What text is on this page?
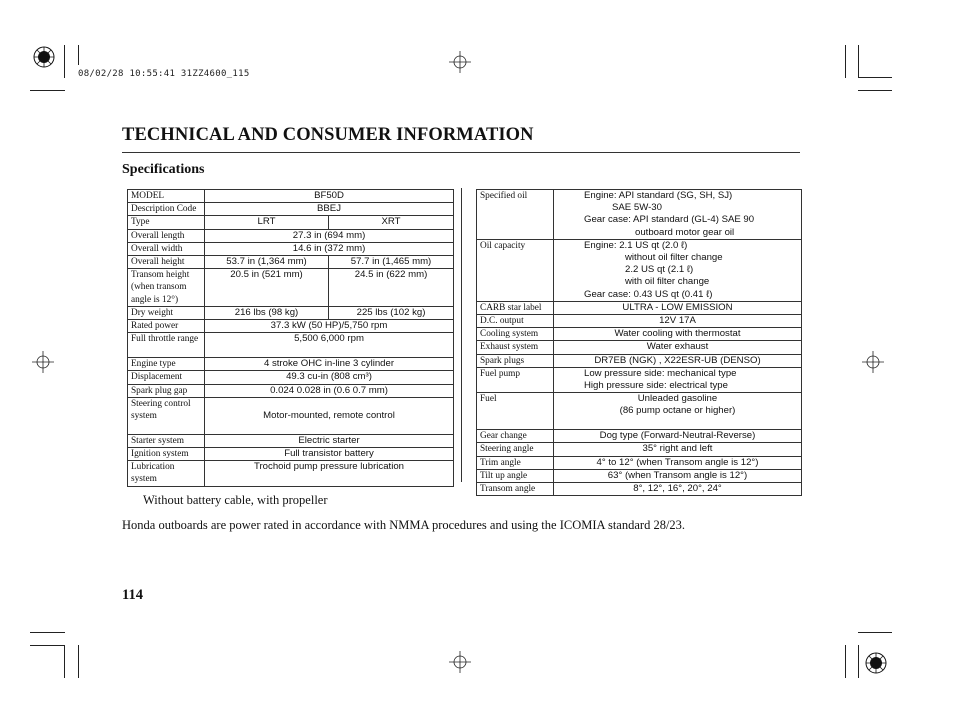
08/02/28 10:55:41 31ZZ4600_115
TECHNICAL AND CONSUMER INFORMATION
Specifications
MODEL	BF50D	
Description Code	BBEJ	
Type	LRT	XRT
Overall length	27.3 in (694 mm)	
Overall width	14.6 in (372 mm)	
Overall height	53.7 in (1,364 mm)	57.7 in (1,465 mm)
Transom height
(when transom angle is 12°)	20.5 in (521 mm)	24.5 in (622 mm)
Dry weight	216 lbs (98 kg)	225 lbs (102 kg)
Rated power	37.3 kW (50 HP)/5,750 rpm	
Full throttle range	5,500 6,000 rpm	
Engine type	4 stroke OHC in-line 3 cylinder	
Displacement	49.3 cu-in (808 cm³)	
Spark plug gap	0.024 0.028 in (0.6 0.7 mm)	
Steering control system	Motor-mounted, remote control	
Starter system	Electric starter	
Ignition system	Full transistor battery	
Lubrication system	Trochoid pump pressure lubrication	
Specified oil	Engine: API standard (SG, SH, SJ)
SAE 5W-30
Gear case: API standard (GL-4) SAE 90
outboard motor gear oil

Oil capacity	Engine: 2.1 US qt (2.0 ℓ)
without oil filter change
2.2 US qt (2.1 ℓ)
with oil filter change
Gear case: 0.43 US qt (0.41 ℓ)

CARB star label	ULTRA - LOW EMISSION
D.C. output	12V 17A
Cooling system	Water cooling with thermostat
Exhaust system	Water exhaust
Spark plugs	DR7EB (NGK) , X22ESR-UB (DENSO)
Fuel pump	Low pressure side: mechanical type
High pressure side: electrical type

Fuel	Unleaded gasoline
(86 pump octane or higher)

Gear change	Dog type (Forward-Neutral-Reverse)
Steering angle	35° right and left
Trim angle	4° to 12° (when Transom angle is 12°)
Tilt up angle	63° (when Transom angle is 12°)
Transom angle	8°, 12°, 16°, 20°, 24°
Without battery cable, with propeller
Honda outboards are power rated in accordance with NMMA procedures and using the ICOMIA standard 28/23.
114
